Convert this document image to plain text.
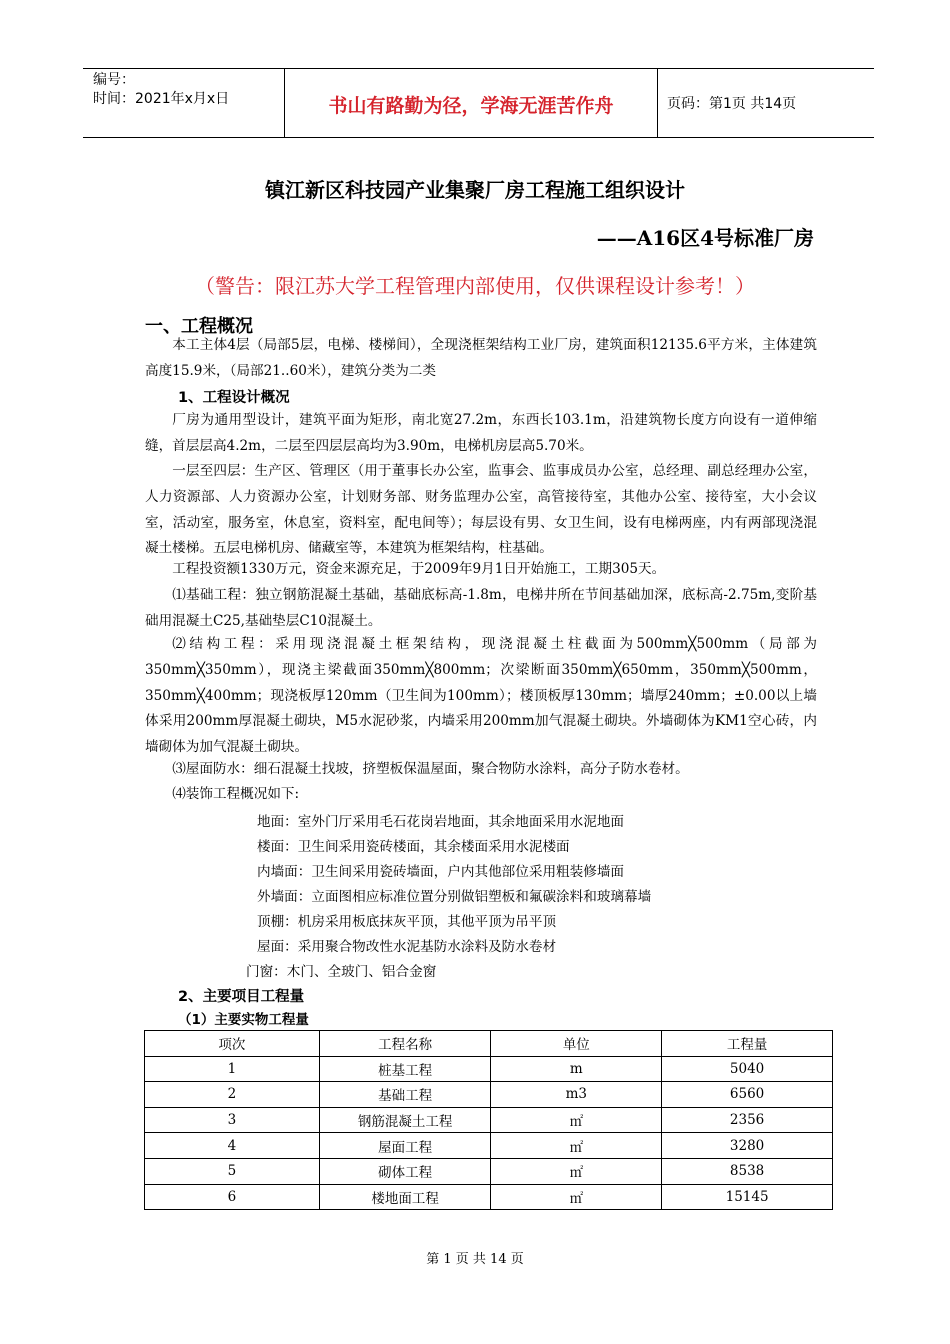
编号：
时间：2021年x月x日	书山有路勤为径，学海无涯苦作舟	页码：第1页 共14页
镇江新区科技园产业集聚厂房工程施工组织设计
——A16区4号标准厂房
（警告：限江苏大学工程管理内部使用，仅供课程设计参考！）
一、工程概况

本工主体4层（局部5层，电梯、楼梯间），全现浇框架结构工业厂房，建筑面积12135.6平方米，主体建筑高度15.9米，（局部21..60米），建筑分类为二类

1、工程设计概况

厂房为通用型设计，建筑平面为矩形，南北宽27.2m，东西长103.1m，沿建筑物长度方向设有一道伸缩缝，首层层高4.2m，二层至四层层高均为3.90m，电梯机房层高5.70米。

一层至四层：生产区、管理区（用于董事长办公室，监事会、监事成员办公室，总经理、副总经理办公室，人力资源部、人力资源办公室，计划财务部、财务监理办公室，高管接待室，其他办公室、接待室，大小会议室，活动室，服务室，休息室，资料室，配电间等）；每层设有男、女卫生间，设有电梯两座，内有两部现浇混凝土楼梯。五层电梯机房、储藏室等，本建筑为框架结构，柱基础。

工程投资额1330万元，资金来源充足，于2009年9月1日开始施工，工期305天。

⑴基础工程：独立钢筋混凝土基础，基础底标高-1.8m，电梯井所在节间基础加深，底标高-2.75m,变阶基础用混凝土C25,基础垫层C10混凝土。

⑵结构工程：采用现浇混凝土框架结构，现浇混凝土柱截面为500mm╳500mm（局部为350mm╳350mm），现浇主梁截面350mm╳800mm；次梁断面350mm╳650mm，350mm╳500mm，350mm╳400mm；现浇板厚120mm（卫生间为100mm）；楼顶板厚130mm；墙厚240mm；±0.00以上墙体采用200mm厚混凝土砌块，M5水泥砂浆，内墙采用200mm加气混凝土砌块。外墙砌体为KM1空心砖，内墙砌体为加气混凝土砌块。

⑶屋面防水：细石混凝土找坡，挤塑板保温屋面，聚合物防水涂料，高分子防水卷材。

⑷装饰工程概况如下:

地面：室外门厅采用毛石花岗岩地面，其余地面采用水泥地面
楼面：卫生间采用瓷砖楼面，其余楼面采用水泥楼面
内墙面：卫生间采用瓷砖墙面，户内其他部位采用粗装修墙面
外墙面：立面图相应标准位置分别做铝塑板和氟碳涂料和玻璃幕墙
顶棚：机房采用板底抹灰平顶，其他平顶为吊平顶
屋面：采用聚合物改性水泥基防水涂料及防水卷材
门窗：木门、全玻门、铝合金窗
2、主要项目工程量
（1）主要实物工程量
项次	工程名称	单位	工程量
1	桩基工程	m	5040
2	基础工程	m3	6560
3	钢筋混凝土工程	㎡	2356
4	屋面工程	㎡	3280
5	砌体工程	㎡	8538
6	楼地面工程	㎡	15145
第 1 页 共 14 页
